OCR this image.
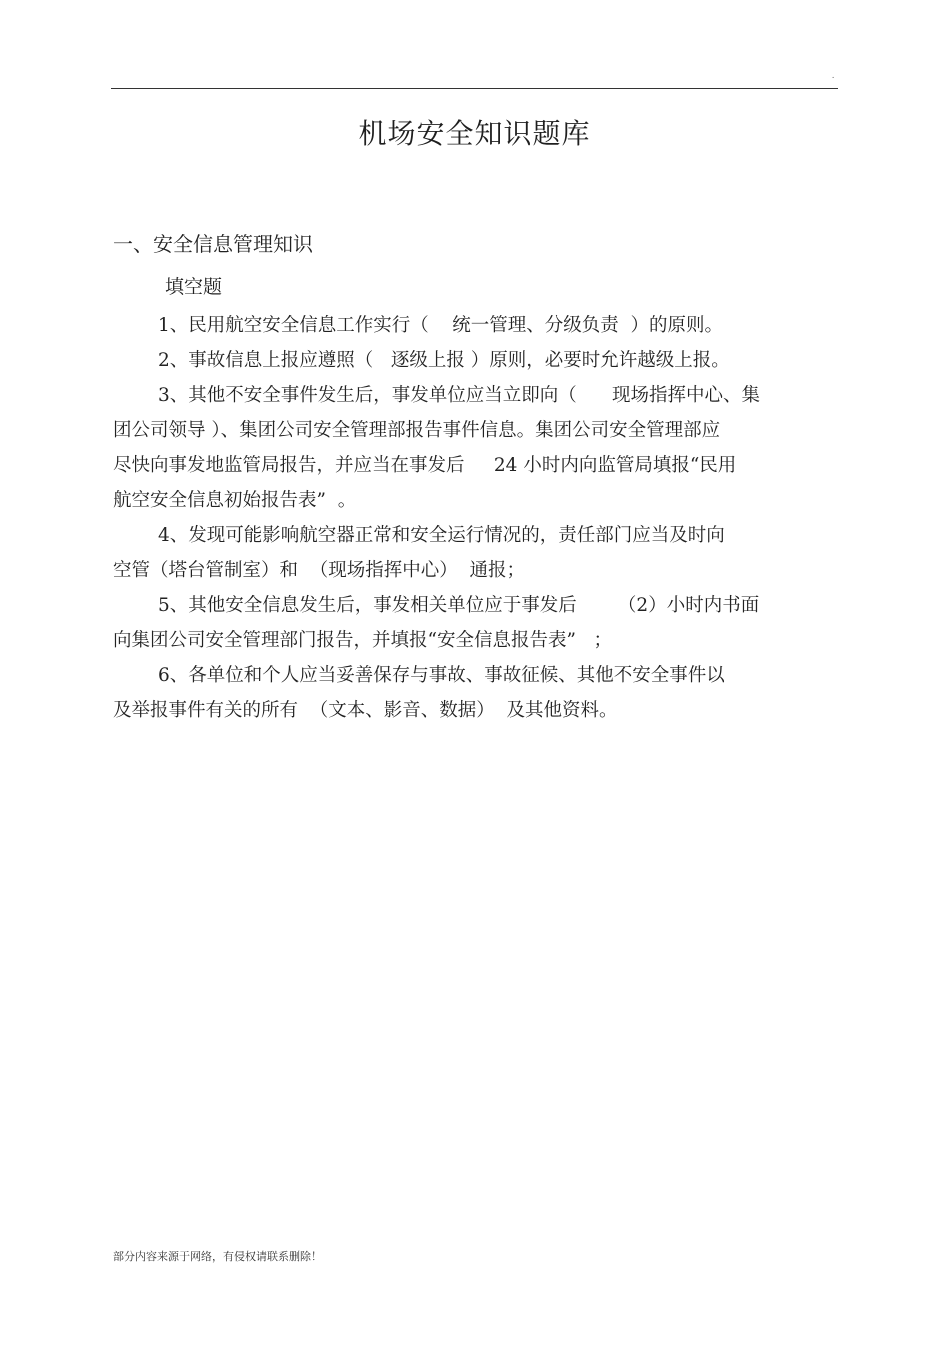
.
机场安全知识题库
一、安全信息管理知识
填空题

1、民用航空安全信息工作实行（    统一管理、分级负责  ）的原则。

2、事故信息上报应遵照（   逐级上报 ）原则，必要时允许越级上报。

3、其他不安全事件发生后，事发单位应当立即向（      现场指挥中心、集
团公司领导 ）、集团公司安全管理部报告事件信息。集团公司安全管理部应
尽快向事发地监管局报告，并应当在事发后     24 小时内向监管局填报“民用
航空安全信息初始报告表”  。

4、发现可能影响航空器正常和安全运行情况的，责任部门应当及时向
空管（塔台管制室）和  （现场指挥中心）  通报；

5、其他安全信息发生后，事发相关单位应于事发后       （2）小时内书面
向集团公司安全管理部门报告，并填报“安全信息报告表”   ；

6、各单位和个人应当妥善保存与事故、事故征候、其他不安全事件以
及举报事件有关的所有  （文本、影音、数据）  及其他资料。

部分内容来源于网络，有侵权请联系删除！
